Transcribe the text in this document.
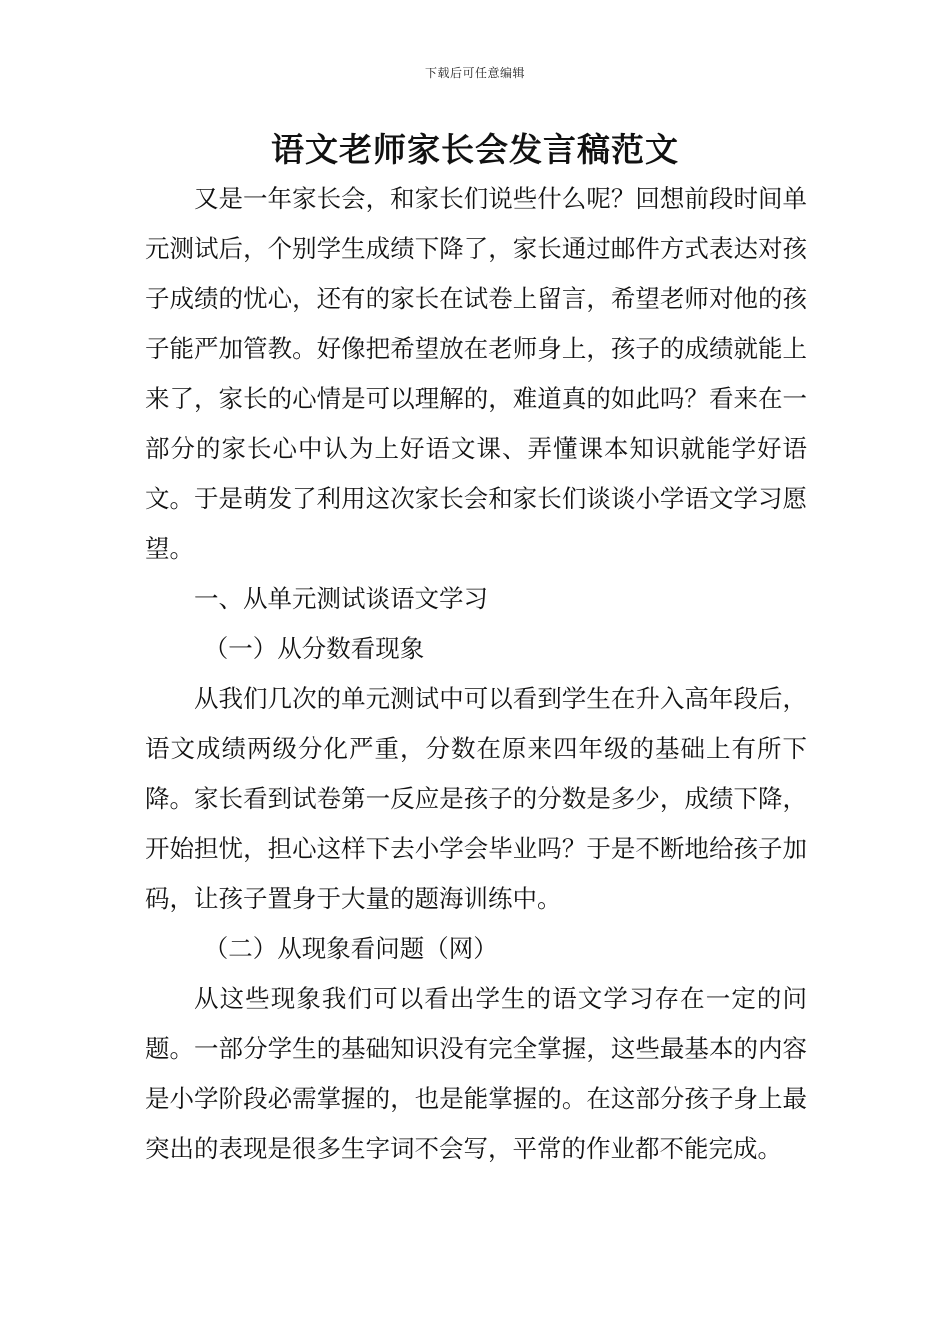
下载后可任意编辑
语文老师家长会发言稿范文

又是一年家长会，和家长们说些什么呢？回想前段时间单元测试后，个别学生成绩下降了，家长通过邮件方式表达对孩子成绩的忧心，还有的家长在试卷上留言，希望老师对他的孩子能严加管教。好像把希望放在老师身上，孩子的成绩就能上来了，家长的心情是可以理解的，难道真的如此吗？看来在一部分的家长心中认为上好语文课、弄懂课本知识就能学好语文。于是萌发了利用这次家长会和家长们谈谈小学语文学习愿望。

一、从单元测试谈语文学习

（一）从分数看现象

从我们几次的单元测试中可以看到学生在升入高年段后，语文成绩两级分化严重，分数在原来四年级的基础上有所下降。家长看到试卷第一反应是孩子的分数是多少，成绩下降，开始担忧，担心这样下去小学会毕业吗？于是不断地给孩子加码，让孩子置身于大量的题海训练中。

（二）从现象看问题（网）

从这些现象我们可以看出学生的语文学习存在一定的问题。一部分学生的基础知识没有完全掌握，这些最基本的内容是小学阶段必需掌握的，也是能掌握的。在这部分孩子身上最突出的表现是很多生字词不会写，平常的作业都不能完成。
